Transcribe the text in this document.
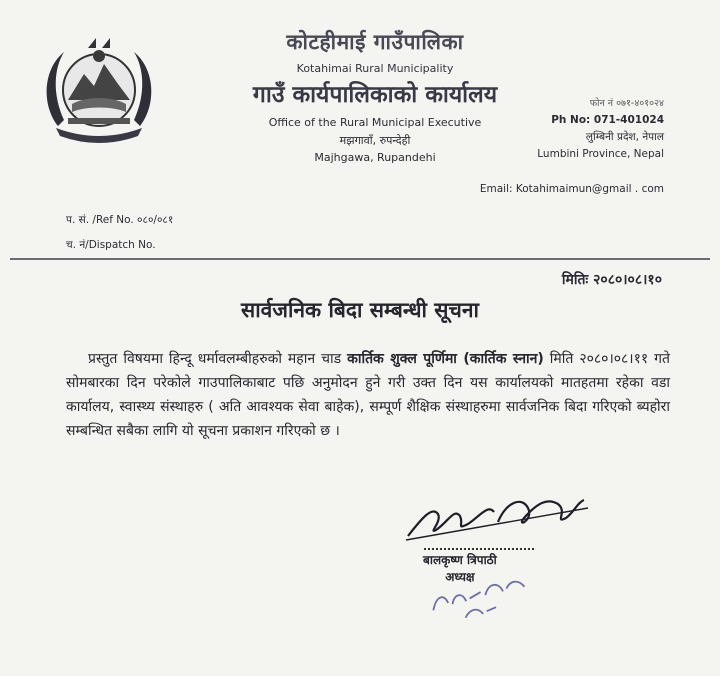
कोटहीमाई गाउँपालिका
Kotahimai Rural Municipality
गाउँ कार्यपालिकाको कार्यालय
Office of the Rural Municipal Executive
मझगावाँ, रुपन्देही
Majhgawa, Rupandehi
फोन नं ०७१-४०१०२४
Ph No: 071-401024
लुम्बिनी प्रदेश, नेपाल
Lumbini Province, Nepal
Email: Kotahimaimun@gmail . com
प. सं. /Ref No. ०८०/०८१
च. नं/Dispatch No.
मितिः २०८०।०८।१०
सार्वजनिक बिदा सम्बन्धी सूचना
प्रस्तुत विषयमा हिन्दू धर्मावलम्बीहरुको महान चाड कार्तिक शुक्ल पूर्णिमा (कार्तिक स्नान) मिति २०८०।०८।११ गते सोमबारका दिन परेकोले गाउपालिकाबाट पछि अनुमोदन हुने गरी उक्त दिन यस कार्यालयको मातहतमा रहेका वडा कार्यालय, स्वास्थ्य संस्थाहरु ( अति आवश्यक सेवा बाहेक), सम्पूर्ण शैक्षिक संस्थाहरुमा सार्वजनिक बिदा गरिएको ब्यहोरा सम्बन्धित सबैका लागि यो सूचना प्रकाशन गरिएको छ ।
बालकृष्ण त्रिपाठी
अध्यक्ष
